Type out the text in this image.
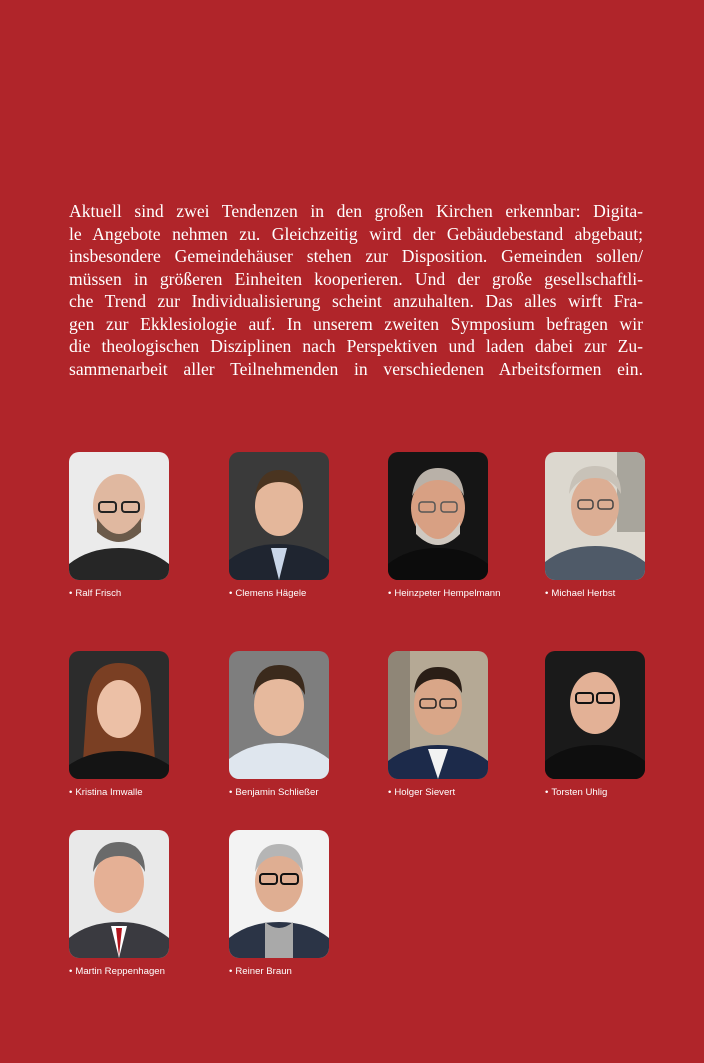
Aktuell sind zwei Tendenzen in den großen Kirchen erkennbar: Digita-
le Angebote nehmen zu. Gleichzeitig wird der Gebäudebestand abgebaut;
insbesondere Gemeindehäuser stehen zur Disposition. Gemeinden sollen/
müssen in größeren Einheiten kooperieren. Und der große gesellschaftli-
che Trend zur Individualisierung scheint anzuhalten. Das alles wirft Fra-
gen zur Ekklesiologie auf. In unserem zweiten Symposium befragen wir
die theologischen Disziplinen nach Perspektiven und laden dabei zur Zu-
sammenarbeit aller Teilnehmenden in verschiedenen Arbeitsformen ein.
• Ralf Frisch	• Clemens Hägele	• Heinzpeter Hempelmann	• Michael Herbst
• Kristina Imwalle	• Benjamin Schließer	• Holger Sievert	• Torsten Uhlig
• Martin Reppenhagen	• Reiner Braun
